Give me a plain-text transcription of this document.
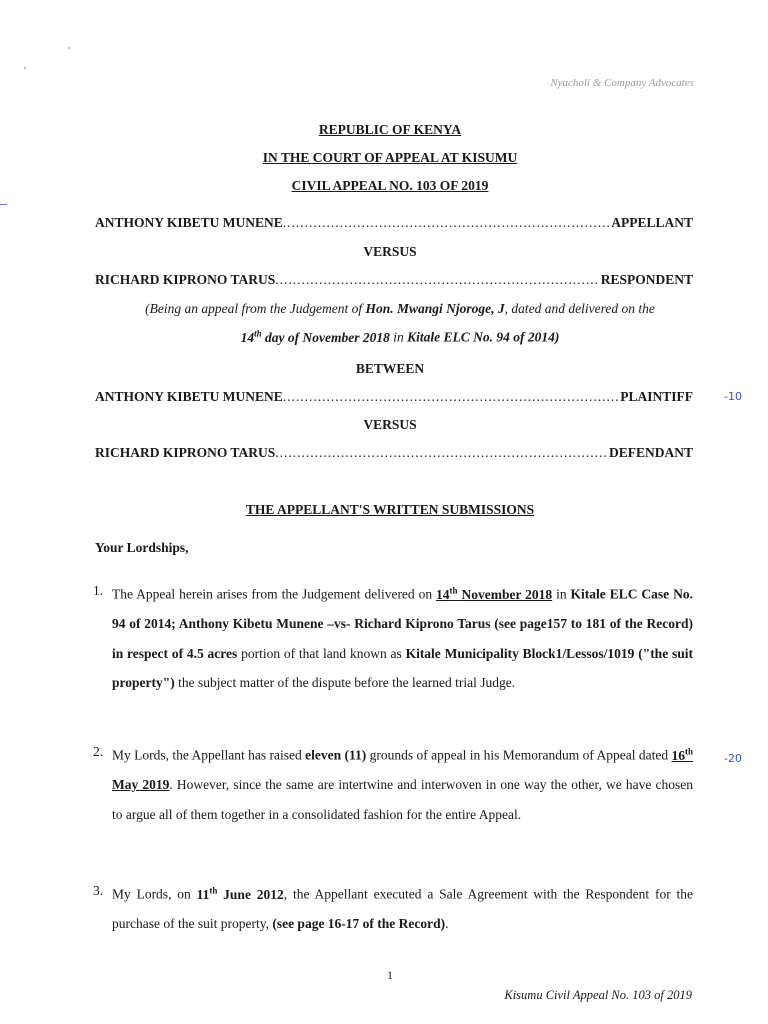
Nyacholi & Company Advocates
REPUBLIC OF KENYA
IN THE COURT OF APPEAL AT KISUMU
CIVIL APPEAL NO. 103 OF 2019
ANTHONY KIBETU MUNENE .....	APPELLANT
VERSUS
RICHARD KIPRONO TARUS .....	RESPONDENT
(Being an appeal from the Judgement of Hon. Mwangi Njoroge, J, dated and delivered on the
14th day of November 2018 in Kitale ELC No. 94 of 2014)
BETWEEN
ANTHONY KIBETU MUNENE .....	PLAINTIFF	-10
VERSUS
RICHARD KIPRONO TARUS .....	DEFENDANT
THE APPELLANT'S WRITTEN SUBMISSIONS
Your Lordships,
1. The Appeal herein arises from the Judgement delivered on 14th November 2018 in Kitale ELC Case No. 94 of 2014; Anthony Kibetu Munene –vs- Richard Kiprono Tarus (see page157 to 181 of the Record) in respect of 4.5 acres portion of that land known as Kitale Municipality Block1/Lessos/1019 ("the suit property") the subject matter of the dispute before the learned trial Judge.
2. My Lords, the Appellant has raised eleven (11) grounds of appeal in his Memorandum of Appeal dated 16th May 2019. However, since the same are intertwine and interwoven in one way the other, we have chosen to argue all of them together in a consolidated fashion for the entire Appeal.
-20
3. My Lords, on 11th June 2012, the Appellant executed a Sale Agreement with the Respondent for the purchase of the suit property, (see page 16-17 of the Record).
1
Kisumu Civil Appeal No. 103 of 2019
